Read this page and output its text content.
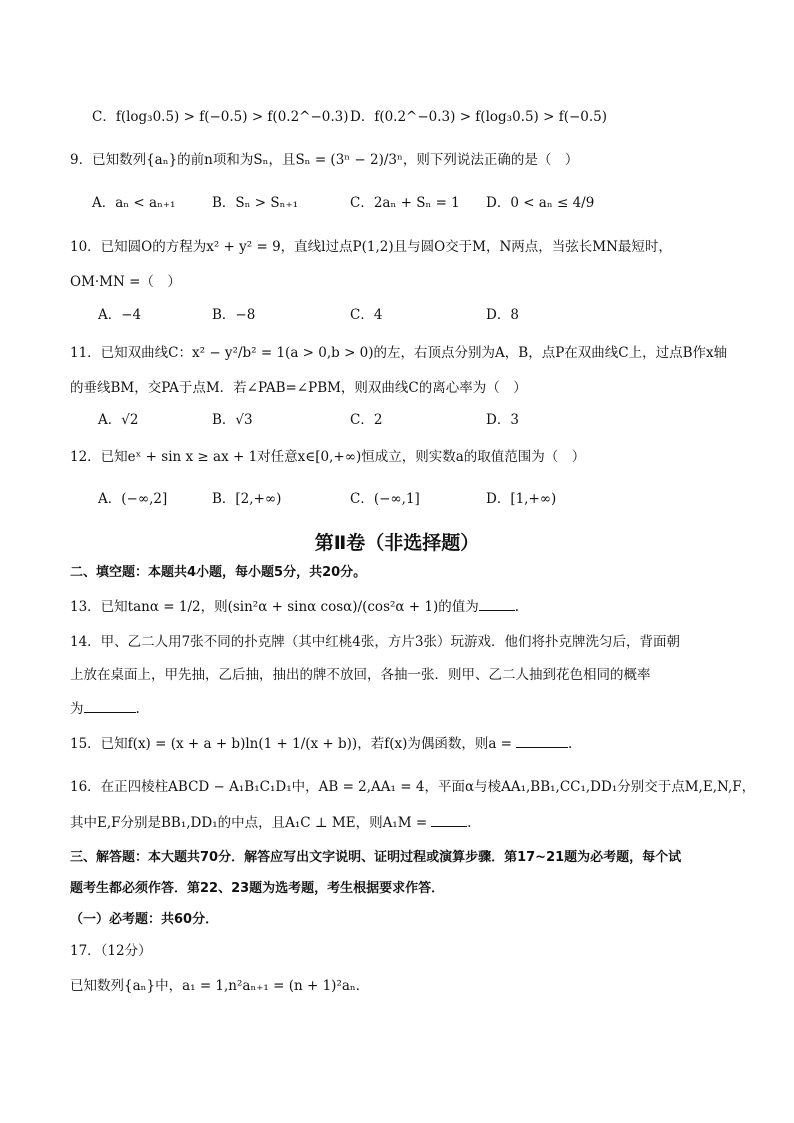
C．f(log₃0.5) > f(−0.5) > f(0.2^−0.3) D．f(0.2^−0.3) > f(log₃0.5) > f(−0.5)
9．已知数列{aₙ}的前n项和为Sₙ，且Sₙ = (3ⁿ − 2)/3ⁿ，则下列说法正确的是（　）
A．aₙ < aₙ₊₁	B．Sₙ > Sₙ₊₁	C．2aₙ + Sₙ = 1 D．0 < aₙ ≤ 4/9
10．已知圆O的方程为x² + y² = 9，直线l过点P(1,2)且与圆O交于M，N两点，当弦长MN最短时，
OM·MN =（　）
A．−4	B．−8	C．4	D．8
11．已知双曲线C：x² − y²/b² = 1(a > 0,b > 0)的左，右顶点分别为A，B，点P在双曲线C上，过点B作x轴
的垂线BM，交PA于点M．若∠PAB=∠PBM，则双曲线C的离心率为（　）
A．√2	B．√3	C．2	D．3
12．已知eˣ + sin x ≥ ax + 1对任意x∈[0,+∞)恒成立，则实数a的取值范围为（　）
A．(−∞,2]	B．[2,+∞)	C．(−∞,1]	D．[1,+∞)
第Ⅱ卷（非选择题）
二、填空题：本题共4小题，每小题5分，共20分。
13．已知tanα = 1/2，则(sin²α + sinα cosα)/(cos²α + 1)的值为	.
14．甲、乙二人用7张不同的扑克牌（其中红桃4张，方片3张）玩游戏．他们将扑克牌洗匀后，背面朝
上放在桌面上，甲先抽，乙后抽，抽出的牌不放回，各抽一张．则甲、乙二人抽到花色相同的概率
为	.
15．已知f(x) = (x + a + b)ln(1 + 1/(x + b))，若f(x)为偶函数，则a =	.
16．在正四棱柱ABCD − A₁B₁C₁D₁中，AB = 2,AA₁ = 4，平面α与棱AA₁,BB₁,CC₁,DD₁分别交于点M,E,N,F，
其中E,F分别是BB₁,DD₁的中点，且A₁C ⊥ ME，则A₁M =	.
三、解答题：本大题共70分．解答应写出文字说明、证明过程或演算步骤．第17~21题为必考题，每个试
题考生都必须作答．第22、23题为选考题，考生根据要求作答．
（一）必考题：共60分．
17．（12分）
已知数列{aₙ}中，a₁ = 1,n²aₙ₊₁ = (n + 1)²aₙ．
